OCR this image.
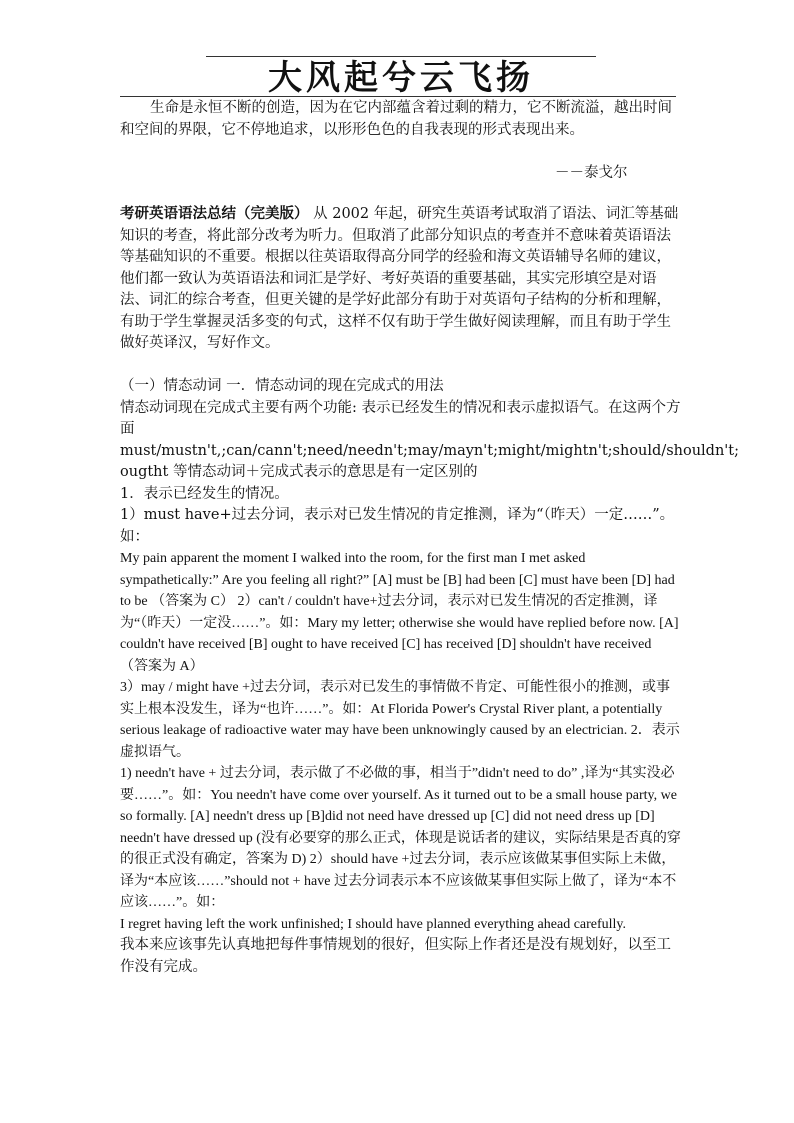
大风起兮云飞扬
生命是永恒不断的创造，因为在它内部蕴含着过剩的精力，它不断流溢，越出时间和空间的界限，它不停地追求，以形形色色的自我表现的形式表现出来。
－－泰戈尔
考研英语语法总结（完美版） 从 2002 年起，研究生英语考试取消了语法、词汇等基础知识的考查，将此部分改考为听力。但取消了此部分知识点的考查并不意味着英语语法等基础知识的不重要。根据以往英语取得高分同学的经验和海文英语辅导名师的建议，他们都一致认为英语语法和词汇是学好、考好英语的重要基础，其实完形填空是对语法、词汇的综合考查，但更关键的是学好此部分有助于对英语句子结构的分析和理解，有助于学生掌握灵活多变的句式，这样不仅有助于学生做好阅读理解，而且有助于学生做好英译汉，写好作文。

（一）情态动词 一．情态动词的现在完成式的用法

情态动词现在完成式主要有两个功能: 表示已经发生的情况和表示虚拟语气。在这两个方面 must/mustn't,;can/cann't;need/needn't;may/mayn't;might/mightn't;should/shouldn't; ougtht 等情态动词＋完成式表示的意思是有一定区别的

1．表示已经发生的情况。

1）must have+过去分词，表示对已发生情况的肯定推测，译为“（昨天）一定……”。如：

My pain apparent the moment I walked into the room, for the first man I met asked sympathetically:” Are you feeling all right?” [A] must be [B] had been [C] must have been [D] had to be （答案为 C） 2）can't / couldn't have+过去分词，表示对已发生情况的否定推测，译为“（昨天）一定没……”。如：Mary my letter; otherwise she would have replied before now. [A] couldn't have received [B] ought to have received [C] has received [D] shouldn't have received （答案为 A）

3）may / might have +过去分词，表示对已发生的事情做不肯定、可能性很小的推测，或事实上根本没发生，译为“也许……”。如：At Florida Power's Crystal River plant, a potentially serious leakage of radioactive water may have been unknowingly caused by an electrician. 2．表示虚拟语气。

1) needn't have + 过去分词，表示做了不必做的事，相当于”didn't need to do” ,译为“其实没必要……”。如：You needn't have come over yourself. As it turned out to be a small house party, we so formally. [A] needn't dress up [B]did not need have dressed up [C] did not need dress up [D] needn't have dressed up (没有必要穿的那么正式，体现是说话者的建议，实际结果是否真的穿的很正式没有确定，答案为 D) 2）should have +过去分词，表示应该做某事但实际上未做，译为“本应该……”should not + have 过去分词表示本不应该做某事但实际上做了，译为“本不应该……”。如：

I regret having left the work unfinished; I should have planned everything ahead carefully.

我本来应该事先认真地把每件事情规划的很好，但实际上作者还是没有规划好，以至工作没有完成。
